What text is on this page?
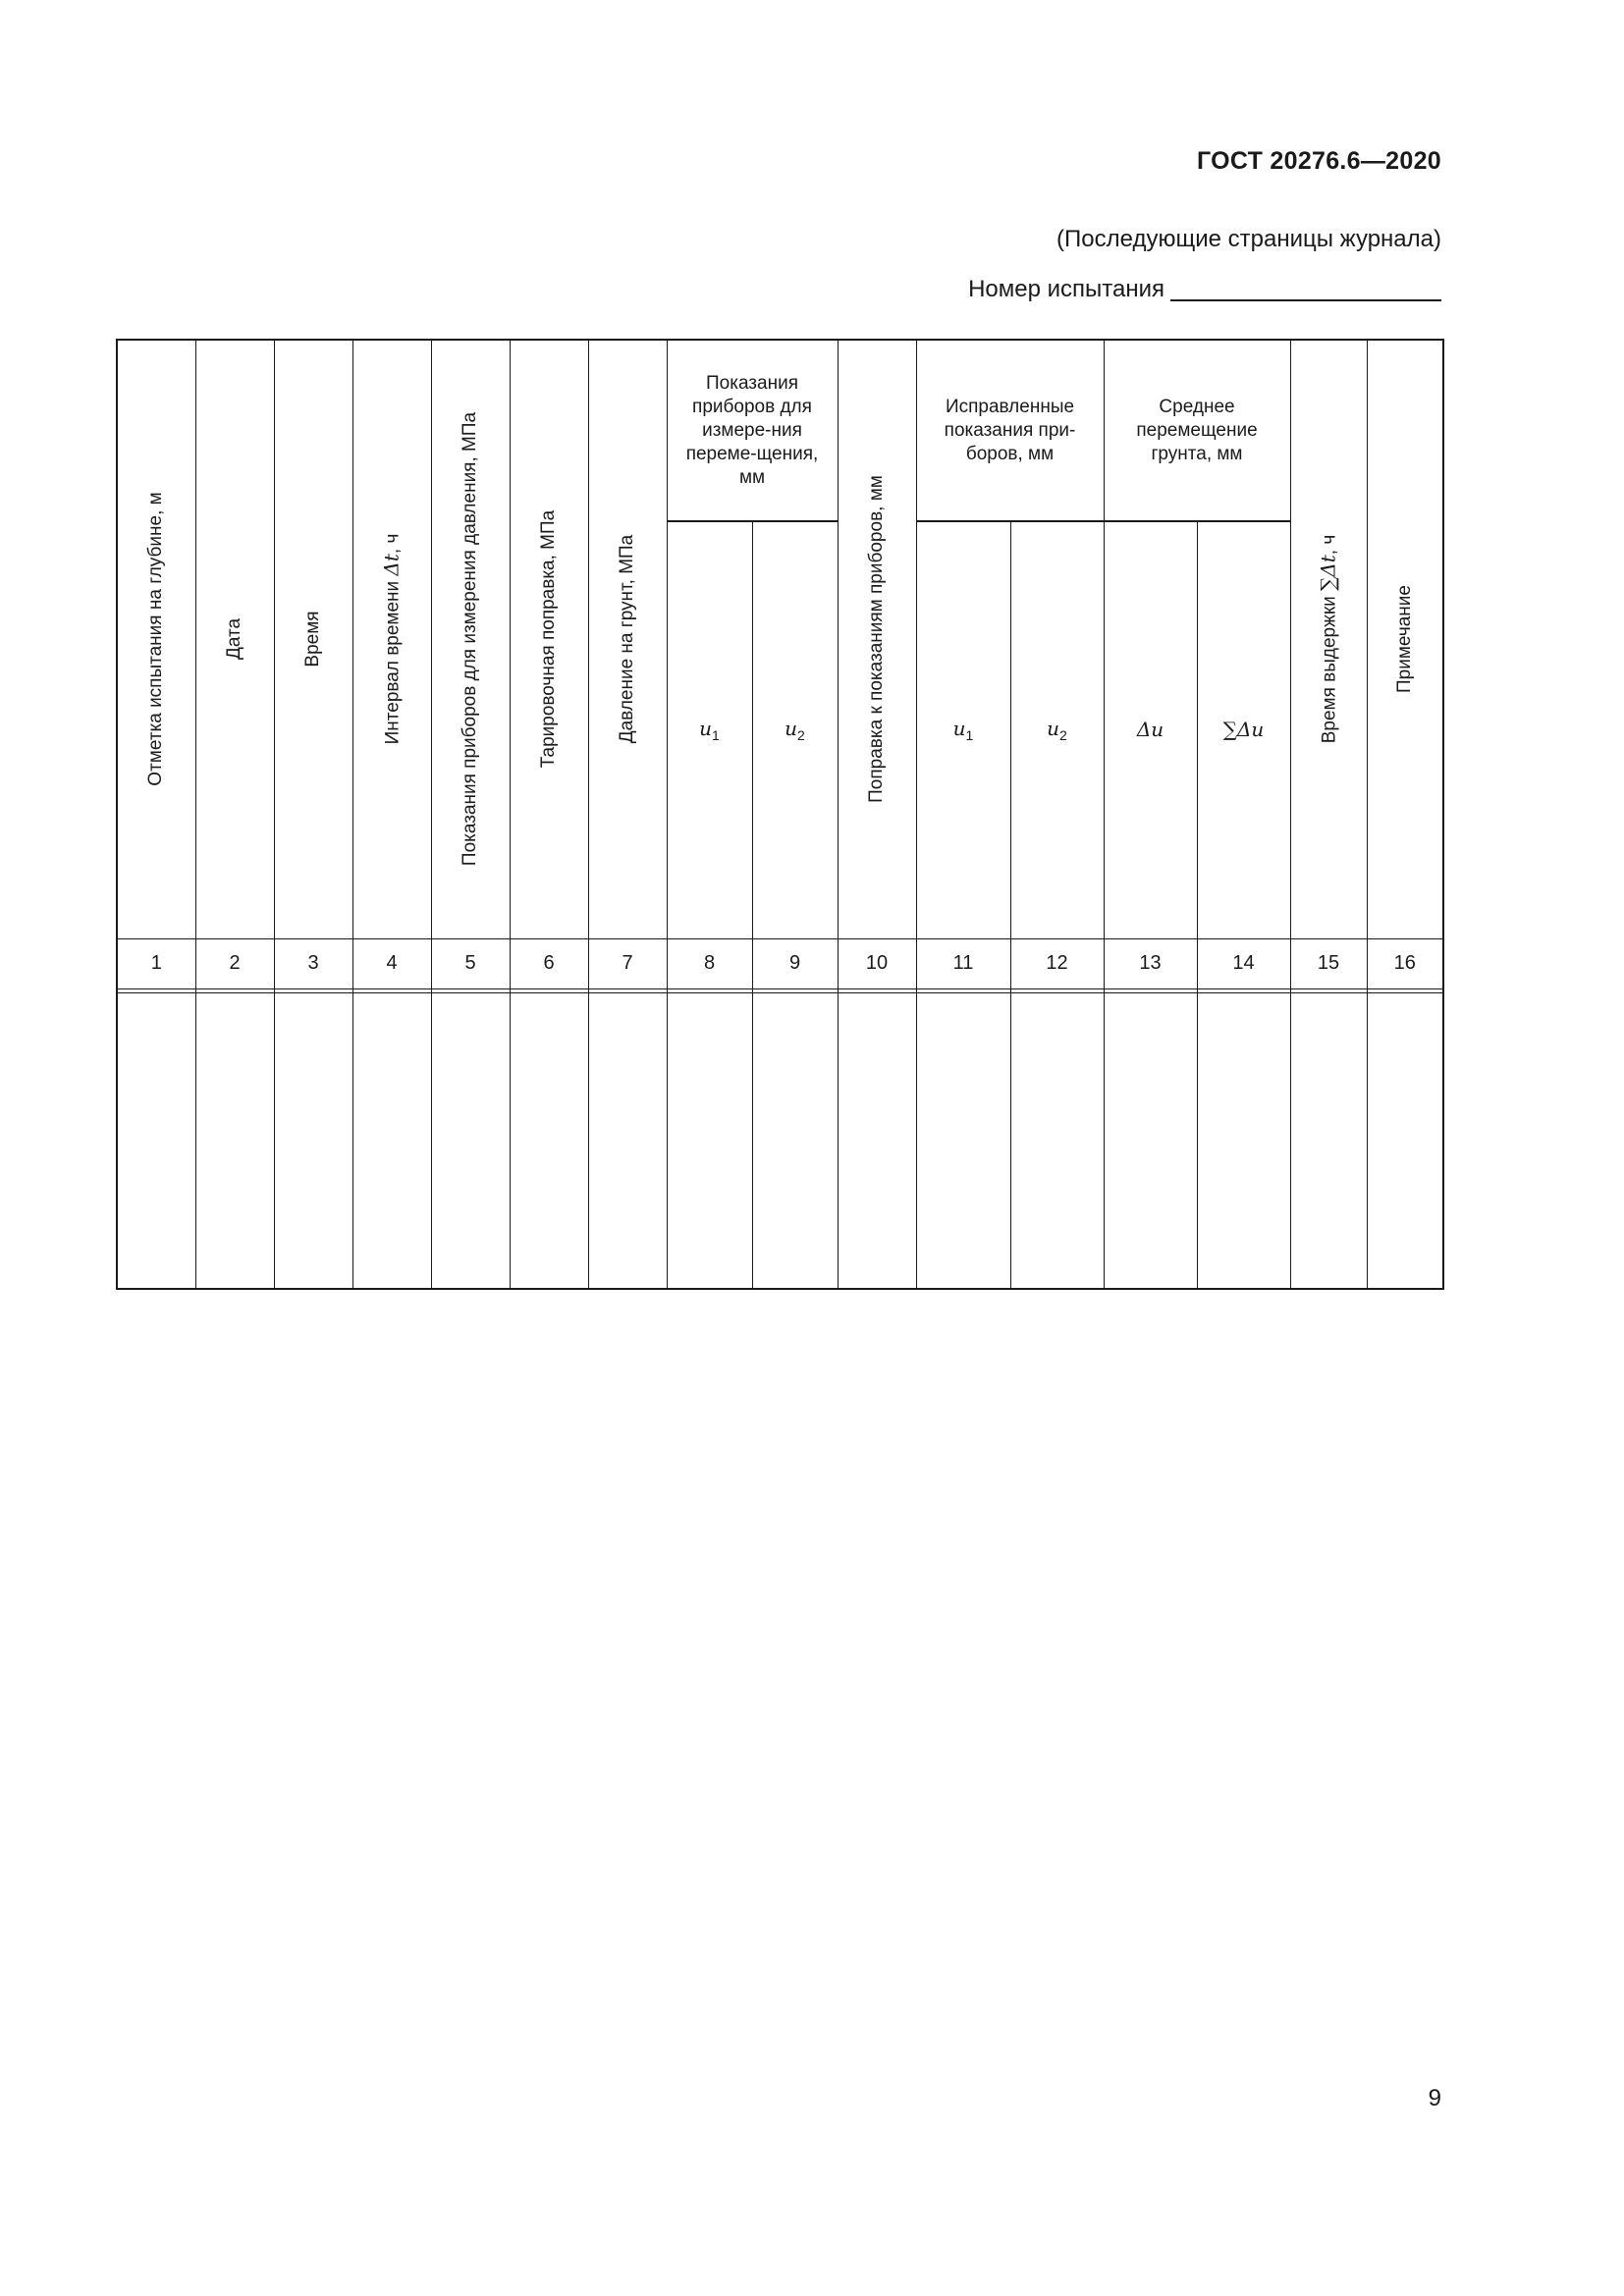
ГОСТ 20276.6—2020
(Последующие страницы журнала)
Номер испытания
Отметка испытания на глубине, м	Дата	Время	Интервал времени Δt, ч	Показания приборов для измерения давления, МПа	Тарировочная поправка, МПа	Давление на грунт, МПа	Показания приборов для измере-ния переме-щения, мм		Поправка к показаниям приборов, мм	Исправленные показания при-боров, мм		Среднее перемещение грунта, мм		Время выдержки ∑Δt, ч	Примечание

							$u_1$	$u_2$		$u_1$	$u_2$	Δu	∑Δu		
1	2	3	4	5	6	7	8	9	10	11	12	13	14	15	16

9
